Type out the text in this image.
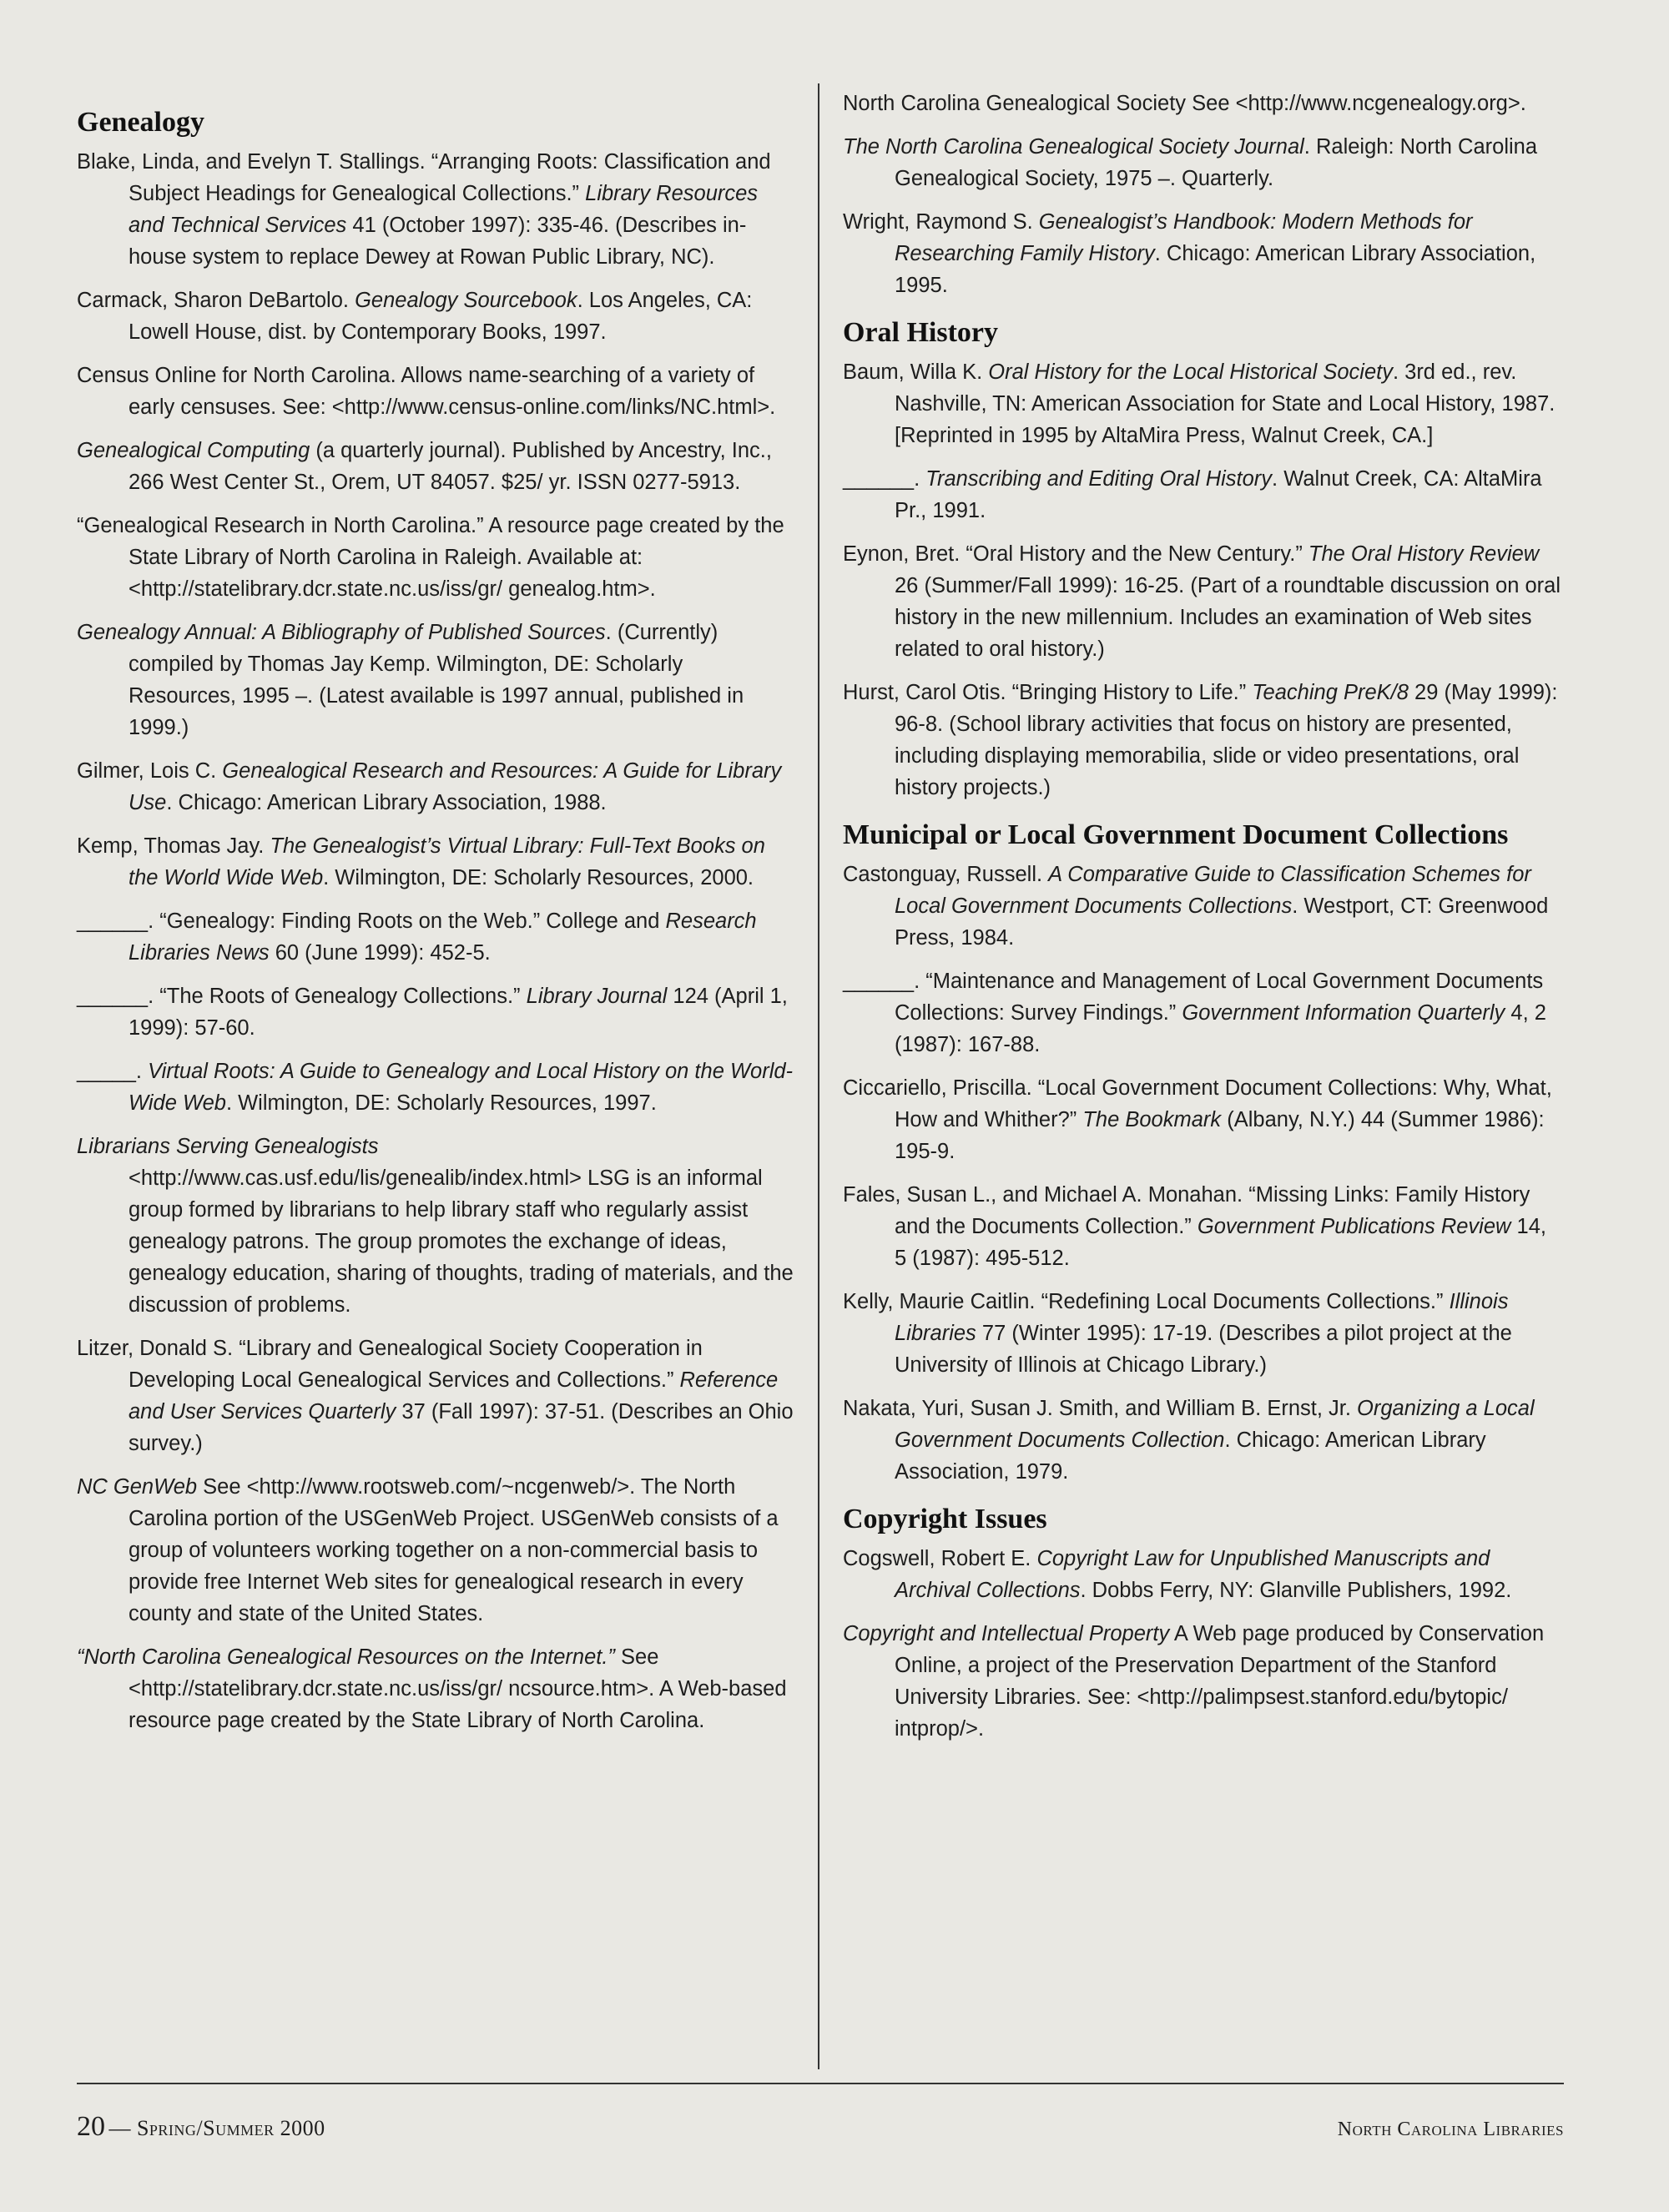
Genealogy

Blake, Linda, and Evelyn T. Stallings. “Arranging Roots: Classification and Subject Headings for Genealogical Collections.” Library Resources and Technical Services 41 (October 1997): 335-46. (Describes in-house system to replace Dewey at Rowan Public Library, NC).

Carmack, Sharon DeBartolo. Genealogy Sourcebook. Los Angeles, CA: Lowell House, dist. by Contemporary Books, 1997.

Census Online for North Carolina. Allows name-searching of a variety of early censuses. See: <http://www.census-online.com/links/NC.html>.

Genealogical Computing (a quarterly journal). Published by Ancestry, Inc., 266 West Center St., Orem, UT 84057. $25/ yr. ISSN 0277-5913.

“Genealogical Research in North Carolina.” A resource page created by the State Library of North Carolina in Raleigh. Available at: <http://statelibrary.dcr.state.nc.us/iss/gr/ genealog.htm>.

Genealogy Annual: A Bibliography of Published Sources. (Currently) compiled by Thomas Jay Kemp. Wilmington, DE: Scholarly Resources, 1995 –. (Latest available is 1997 annual, published in 1999.)

Gilmer, Lois C. Genealogical Research and Resources: A Guide for Library Use. Chicago: American Library Association, 1988.

Kemp, Thomas Jay. The Genealogist’s Virtual Library: Full-Text Books on the World Wide Web. Wilmington, DE: Scholarly Resources, 2000.

______. “Genealogy: Finding Roots on the Web.” College and Research Libraries News 60 (June 1999): 452-5.

______. “The Roots of Genealogy Collections.” Library Journal 124 (April 1, 1999): 57-60.

_____. Virtual Roots: A Guide to Genealogy and Local History on the World-Wide Web. Wilmington, DE: Scholarly Resources, 1997.

Librarians Serving Genealogists <http://www.cas.usf.edu/lis/genealib/index.html> LSG is an informal group formed by librarians to help library staff who regularly assist genealogy patrons. The group promotes the exchange of ideas, genealogy education, sharing of thoughts, trading of materials, and the discussion of problems.

Litzer, Donald S. “Library and Genealogical Society Cooperation in Developing Local Genealogical Services and Collections.” Reference and User Services Quarterly 37 (Fall 1997): 37-51. (Describes an Ohio survey.)

NC GenWeb See <http://www.rootsweb.com/~ncgenweb/>. The North Carolina portion of the USGenWeb Project. USGenWeb consists of a group of volunteers working together on a non-commercial basis to provide free Internet Web sites for genealogical research in every county and state of the United States.

“North Carolina Genealogical Resources on the Internet.” See <http://statelibrary.dcr.state.nc.us/iss/gr/ ncsource.htm>. A Web-based resource page created by the State Library of North Carolina.

North Carolina Genealogical Society See <http://www.ncgenealogy.org>.

The North Carolina Genealogical Society Journal. Raleigh: North Carolina Genealogical Society, 1975 –. Quarterly.

Wright, Raymond S. Genealogist’s Handbook: Modern Methods for Researching Family History. Chicago: American Library Association, 1995.

Oral History

Baum, Willa K. Oral History for the Local Historical Society. 3rd ed., rev. Nashville, TN: American Association for State and Local History, 1987. [Reprinted in 1995 by AltaMira Press, Walnut Creek, CA.]

______. Transcribing and Editing Oral History. Walnut Creek, CA: AltaMira Pr., 1991.

Eynon, Bret. “Oral History and the New Century.” The Oral History Review 26 (Summer/Fall 1999): 16-25. (Part of a roundtable discussion on oral history in the new millennium. Includes an examination of Web sites related to oral history.)

Hurst, Carol Otis. “Bringing History to Life.” Teaching PreK/8 29 (May 1999): 96-8. (School library activities that focus on history are presented, including displaying memorabilia, slide or video presentations, oral history projects.)

Municipal or Local Government Document Collections

Castonguay, Russell. A Comparative Guide to Classification Schemes for Local Government Documents Collections. Westport, CT: Greenwood Press, 1984.

______. “Maintenance and Management of Local Government Documents Collections: Survey Findings.” Government Information Quarterly 4, 2 (1987): 167-88.

Ciccariello, Priscilla. “Local Government Document Collections: Why, What, How and Whither?” The Bookmark (Albany, N.Y.) 44 (Summer 1986): 195-9.

Fales, Susan L., and Michael A. Monahan. “Missing Links: Family History and the Documents Collection.” Government Publications Review 14, 5 (1987): 495-512.

Kelly, Maurie Caitlin. “Redefining Local Documents Collections.” Illinois Libraries 77 (Winter 1995): 17-19. (Describes a pilot project at the University of Illinois at Chicago Library.)

Nakata, Yuri, Susan J. Smith, and William B. Ernst, Jr. Organizing a Local Government Documents Collection. Chicago: American Library Association, 1979.

Copyright Issues

Cogswell, Robert E. Copyright Law for Unpublished Manuscripts and Archival Collections. Dobbs Ferry, NY: Glanville Publishers, 1992.

Copyright and Intellectual Property A Web page produced by Conservation Online, a project of the Preservation Department of the Stanford University Libraries. See: <http://palimpsest.stanford.edu/bytopic/ intprop/>.

20 — Spring/Summer 2000	North Carolina Libraries
